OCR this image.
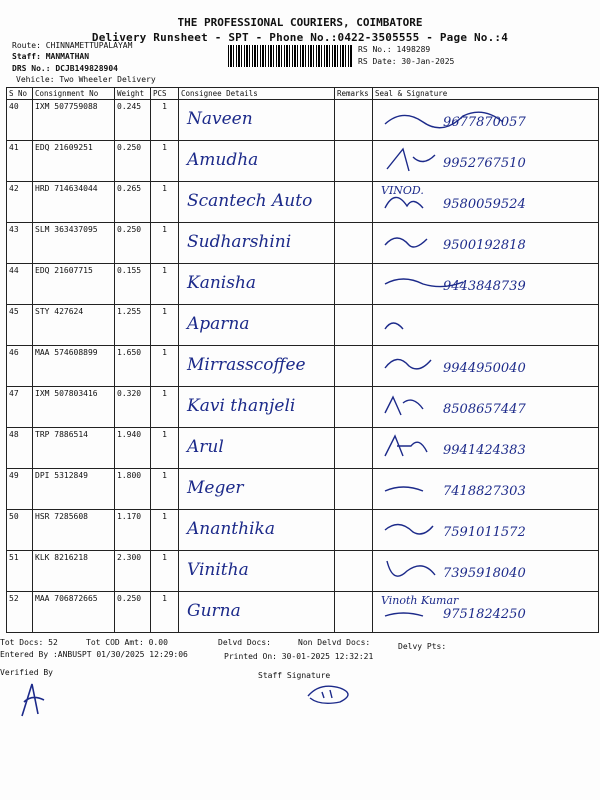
THE PROFESSIONAL COURIERS, COIMBATORE
Delivery Runsheet - SPT - Phone No.:0422-3505555 - Page No.:4
Route: CHINNAMETTUPALAYAM
Staff: MANMATHAN
DRS No.: DCJB149828904
Vehicle: Two Wheeler Delivery
RS No.: 1498289
RS Date: 30-Jan-2025
S No	Consignment No	Weight	PCS	Consignee Details	Remarks	Seal & Signature
40	IXM 507759088	0.245	1	Naveen		9677870057

41	EDQ 21609251	0.250	1	Amudha		9952767510

42	HRD 714634044	0.265	1	Scantech Auto		VINOD.
9580059524

43	SLM 363437095	0.250	1	Sudharshini		9500192818

44	EDQ 21607715	0.155	1	Kanisha		9443848739

45	STY 427624	1.255	1	Aparna		

46	MAA 574608899	1.650	1	Mirrasscoffee		9944950040

47	IXM 507803416	0.320	1	Kavi thanjeli		8508657447

48	TRP 7886514	1.940	1	Arul		9941424383

49	DPI 5312849	1.800	1	Meger		7418827303

50	HSR 7285608	1.170	1	Ananthika		7591011572

51	KLK 8216218	2.300	1	Vinitha		7395918040

52	MAA 706872665	0.250	1	Gurna		Vinoth Kumar
9751824250
Tot Docs: 52	Tot COD Amt: 0.00	Delvd Docs:	Non Delvd Docs:	Delvy Pts:
Entered By :ANBUSPT 01/30/2025 12:29:06	Printed On: 30-01-2025 12:32:21
Verified By	Staff Signature
